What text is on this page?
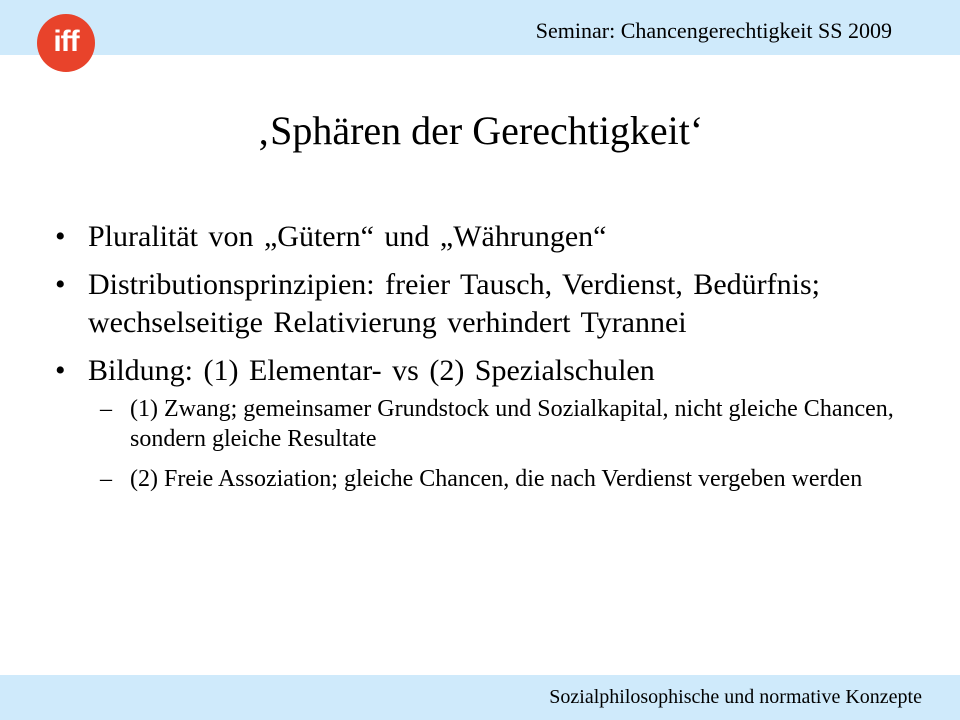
Seminar: Chancengerechtigkeit SS 2009
iff
‚Sphären der Gerechtigkeit‘
• Pluralität von „Gütern“ und „Währungen“
• Distributionsprinzipien: freier Tausch, Verdienst, Bedürfnis; wechselseitige Relativierung verhindert Tyrannei
• Bildung: (1) Elementar- vs (2) Spezialschulen
– (1) Zwang; gemeinsamer Grundstock und Sozialkapital, nicht gleiche Chancen, sondern gleiche Resultate
– (2) Freie Assoziation; gleiche Chancen, die nach Verdienst vergeben werden
Sozialphilosophische und normative Konzepte
